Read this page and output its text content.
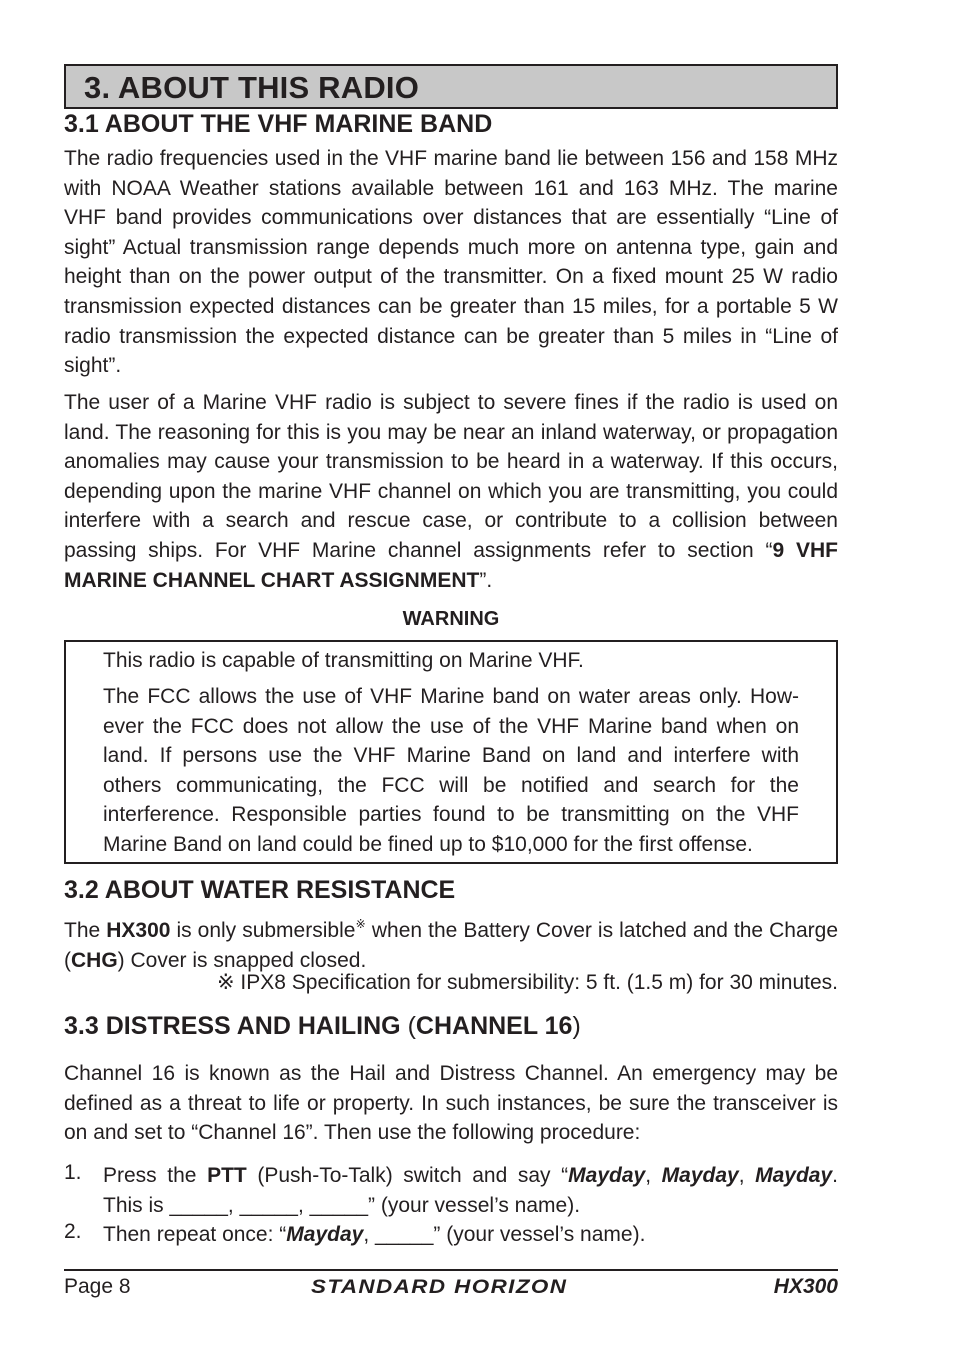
3. ABOUT THIS RADIO
3.1 ABOUT THE VHF MARINE BAND

The radio frequencies used in the VHF marine band lie between 156 and 158 MHz with NOAA Weather stations available between 161 and 163 MHz. The marine VHF band provides communications over distances that are essentially “Line of sight” Actual transmission range depends much more on antenna type, gain and height than on the power output of the transmitter. On a fixed mount 25 W radio transmission expected distances can be greater than 15 miles, for a portable 5 W radio transmission the expected distance can be greater than 5 miles in “Line of sight”.

The user of a Marine VHF radio is subject to severe fines if the radio is used on land. The reasoning for this is you may be near an inland waterway, or propagation anomalies may cause your transmission to be heard in a waterway. If this occurs, depending upon the marine VHF channel on which you are transmitting, you could interfere with a search and rescue case, or contribute to a collision between passing ships. For VHF Marine channel assignments refer to section “9 VHF MARINE CHANNEL CHART ASSIGNMENT”.

WARNING

This radio is capable of transmitting on Marine VHF.

The FCC allows the use of VHF Marine band on water areas only. However the FCC does not allow the use of the VHF Marine band when on land. If persons use the VHF Marine Band on land and interfere with others communicating, the FCC will be notified and search for the interference. Responsible parties found to be transmitting on the VHF Marine Band on land could be fined up to $10,000 for the first offense.

3.2 ABOUT WATER RESISTANCE

The HX300 is only submersible※ when the Battery Cover is latched and the Charge (CHG) Cover is snapped closed.

※ IPX8 Specification for submersibility: 5 ft. (1.5 m) for 30 minutes.

3.3 DISTRESS AND HAILING (CHANNEL 16)

Channel 16 is known as the Hail and Distress Channel. An emergency may be defined as a threat to life or property. In such instances, be sure the transceiver is on and set to “Channel 16”. Then use the following procedure:

1. Press the PTT (Push-To-Talk) switch and say “Mayday, Mayday, Mayday. This is _____, _____, _____” (your vessel’s name).

2. Then repeat once: “Mayday, _____” (your vessel’s name).

Page 8	STANDARD HORIZON	HX300
